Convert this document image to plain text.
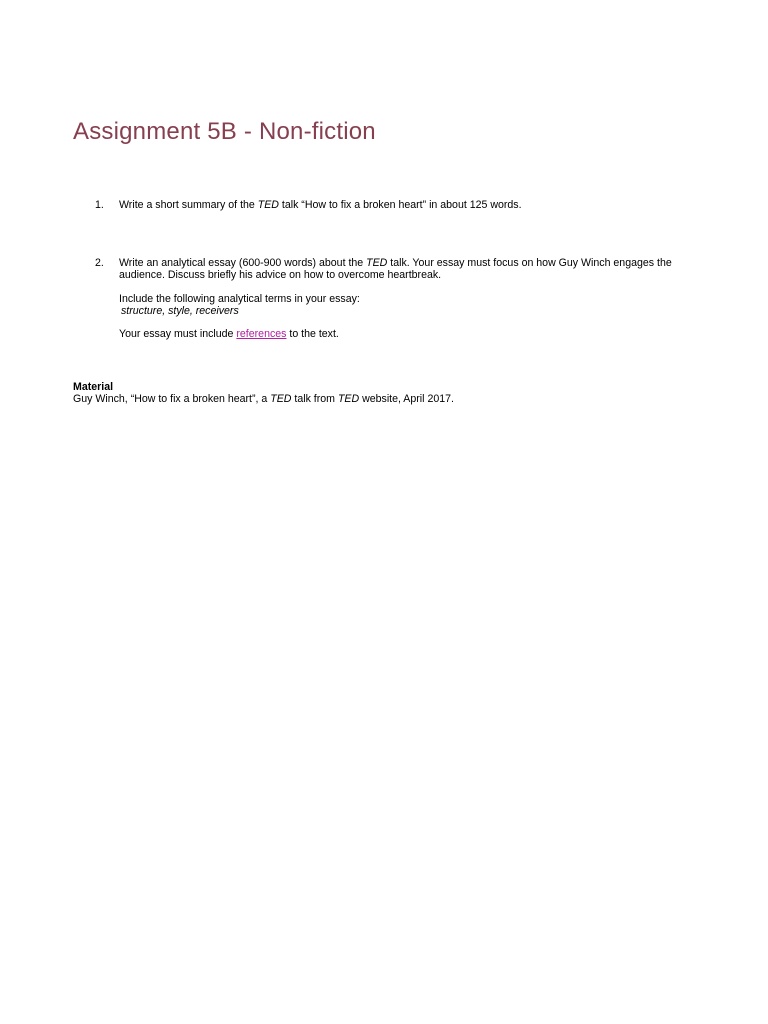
Assignment 5B - Non-fiction
1. Write a short summary of the TED talk “How to fix a broken heart” in about 125 words.
2. Write an analytical essay (600-900 words) about the TED talk. Your essay must focus on how Guy Winch engages the audience. Discuss briefly his advice on how to overcome heartbreak.

Include the following analytical terms in your essay:

structure, style, receivers

Your essay must include references to the text.

Material

Guy Winch, “How to fix a broken heart”, a TED talk from TED website, April 2017.
